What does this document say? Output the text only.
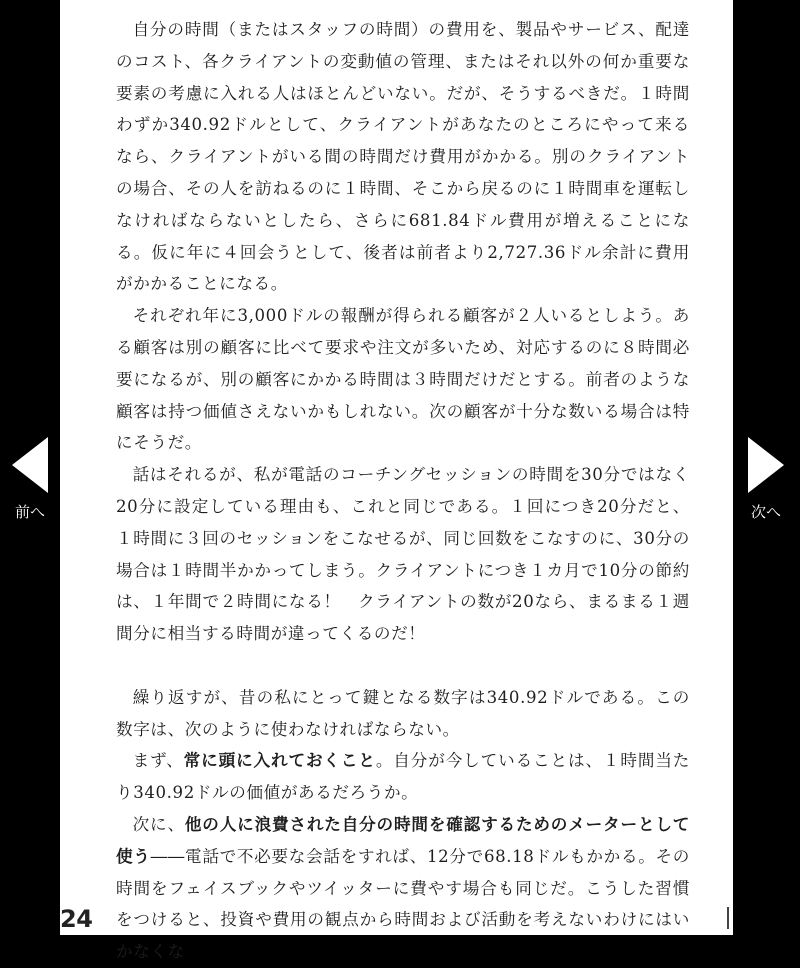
前へ

自分の時間（またはスタッフの時間）の費用を、製品やサービス、配達のコスト、各クライアントの変動値の管理、またはそれ以外の何か重要な要素の考慮に入れる人はほとんどいない。だが、そうするべきだ。１時間わずか340.92ドルとして、クライアントがあなたのところにやって来るなら、クライアントがいる間の時間だけ費用がかかる。別のクライアントの場合、その人を訪ねるのに１時間、そこから戻るのに１時間車を運転しなければならないとしたら、さらに681.84ドル費用が増えることになる。仮に年に４回会うとして、後者は前者より2,727.36ドル余計に費用がかかることになる。

それぞれ年に3,000ドルの報酬が得られる顧客が２人いるとしよう。ある顧客は別の顧客に比べて要求や注文が多いため、対応するのに８時間必要になるが、別の顧客にかかる時間は３時間だけだとする。前者のような顧客は持つ価値さえないかもしれない。次の顧客が十分な数いる場合は特にそうだ。

話はそれるが、私が電話のコーチングセッションの時間を30分ではなく20分に設定している理由も、これと同じである。１回につき20分だと、１時間に３回のセッションをこなせるが、同じ回数をこなすのに、30分の場合は１時間半かかってしまう。クライアントにつき１カ月で10分の節約は、１年間で２時間になる！　クライアントの数が20なら、まるまる１週間分に相当する時間が違ってくるのだ！

繰り返すが、昔の私にとって鍵となる数字は340.92ドルである。この数字は、次のように使わなければならない。

まず、常に頭に入れておくこと。自分が今していることは、１時間当たり340.92ドルの価値があるだろうか。

次に、他の人に浪費された自分の時間を確認するためのメーターとして使う――電話で不必要な会話をすれば、12分で68.18ドルもかかる。その時間をフェイスブックやツイッターに費やす場合も同じだ。こうした習慣をつけると、投資や費用の観点から時間および活動を考えないわけにはいかなくな

24
次へ
